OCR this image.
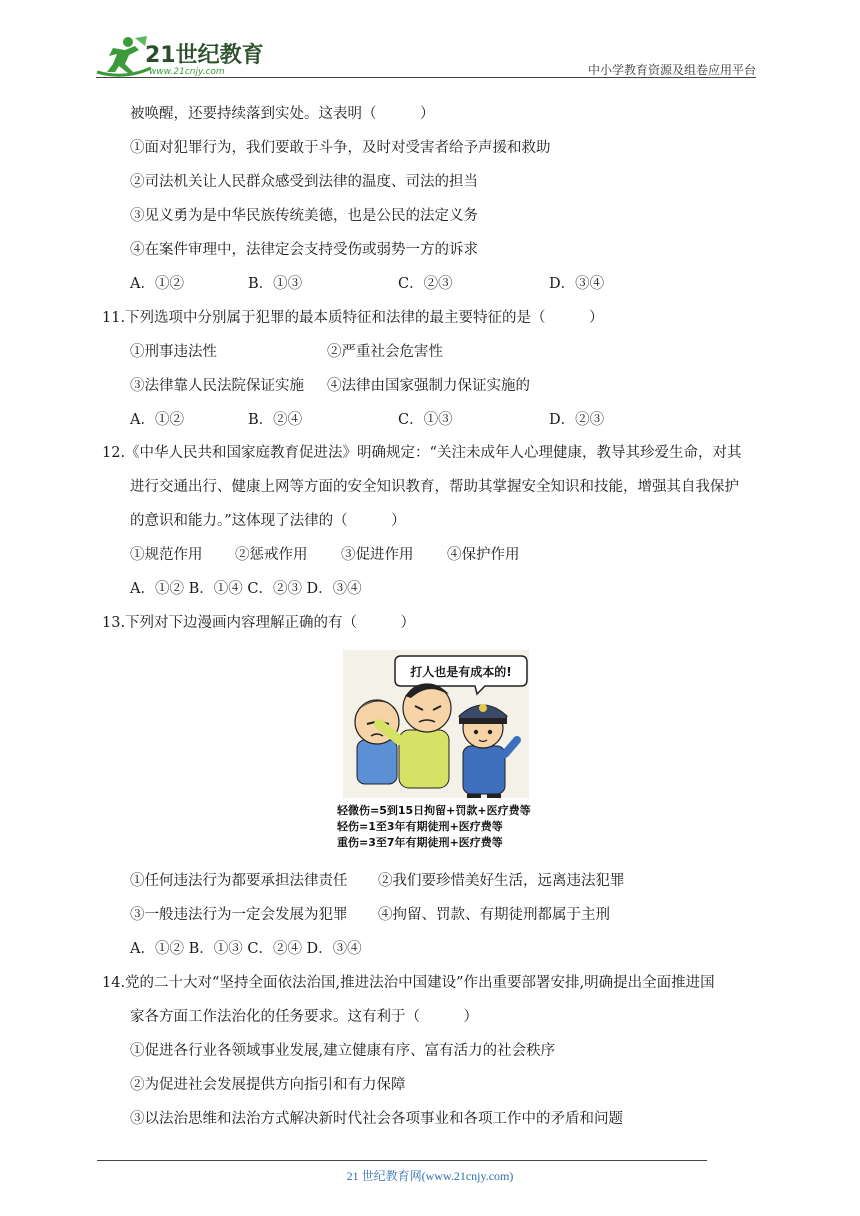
21世纪教育
www.21cnjy.com	中小学教育资源及组卷应用平台
被唤醒，还要持续落到实处。这表明（　　　）
①面对犯罪行为，我们要敢于斗争，及时对受害者给予声援和救助
②司法机关让人民群众感受到法律的温度、司法的担当
③见义勇为是中华民族传统美德，也是公民的法定义务
④在案件审理中，法律定会支持受伤或弱势一方的诉求
A．①②	B．①③	C．②③	D．③④
11.下列选项中分别属于犯罪的最本质特征和法律的最主要特征的是（　　　）
①刑事违法性	②严重社会危害性
③法律靠人民法院保证实施 ④法律由国家强制力保证实施的
A．①②	B．②④	C．①③	D．②③
12.《中华人民共和国家庭教育促进法》明确规定：“关注未成年人心理健康，教导其珍爱生命，对其
进行交通出行、健康上网等方面的安全知识教育，帮助其掌握安全知识和技能，增强其自我保护
的意识和能力。”这体现了法律的（　　　）
①规范作用 ②惩戒作用 ③促进作用 ④保护作用
A．①② B．①④ C．②③ D．③④
13.下列对下边漫画内容理解正确的有（　　　）
打人也是有成本的!
轻微伤=5到15日拘留+罚款+医疗费等
轻伤=1至3年有期徒刑+医疗费等
重伤=3至7年有期徒刑+医疗费等
①任何违法行为都要承担法律责任 ②我们要珍惜美好生活，远离违法犯罪
③一般违法行为一定会发展为犯罪 ④拘留、罚款、有期徒刑都属于主刑
A．①② B．①③ C．②④ D．③④
14.党的二十大对“坚持全面依法治国,推进法治中国建设”作出重要部署安排,明确提出全面推进国
家各方面工作法治化的任务要求。这有利于（　　　）
①促进各行业各领域事业发展,建立健康有序、富有活力的社会秩序
②为促进社会发展提供方向指引和有力保障
③以法治思维和法治方式解决新时代社会各项事业和各项工作中的矛盾和问题
21 世纪教育网(www.21cnjy.com)
